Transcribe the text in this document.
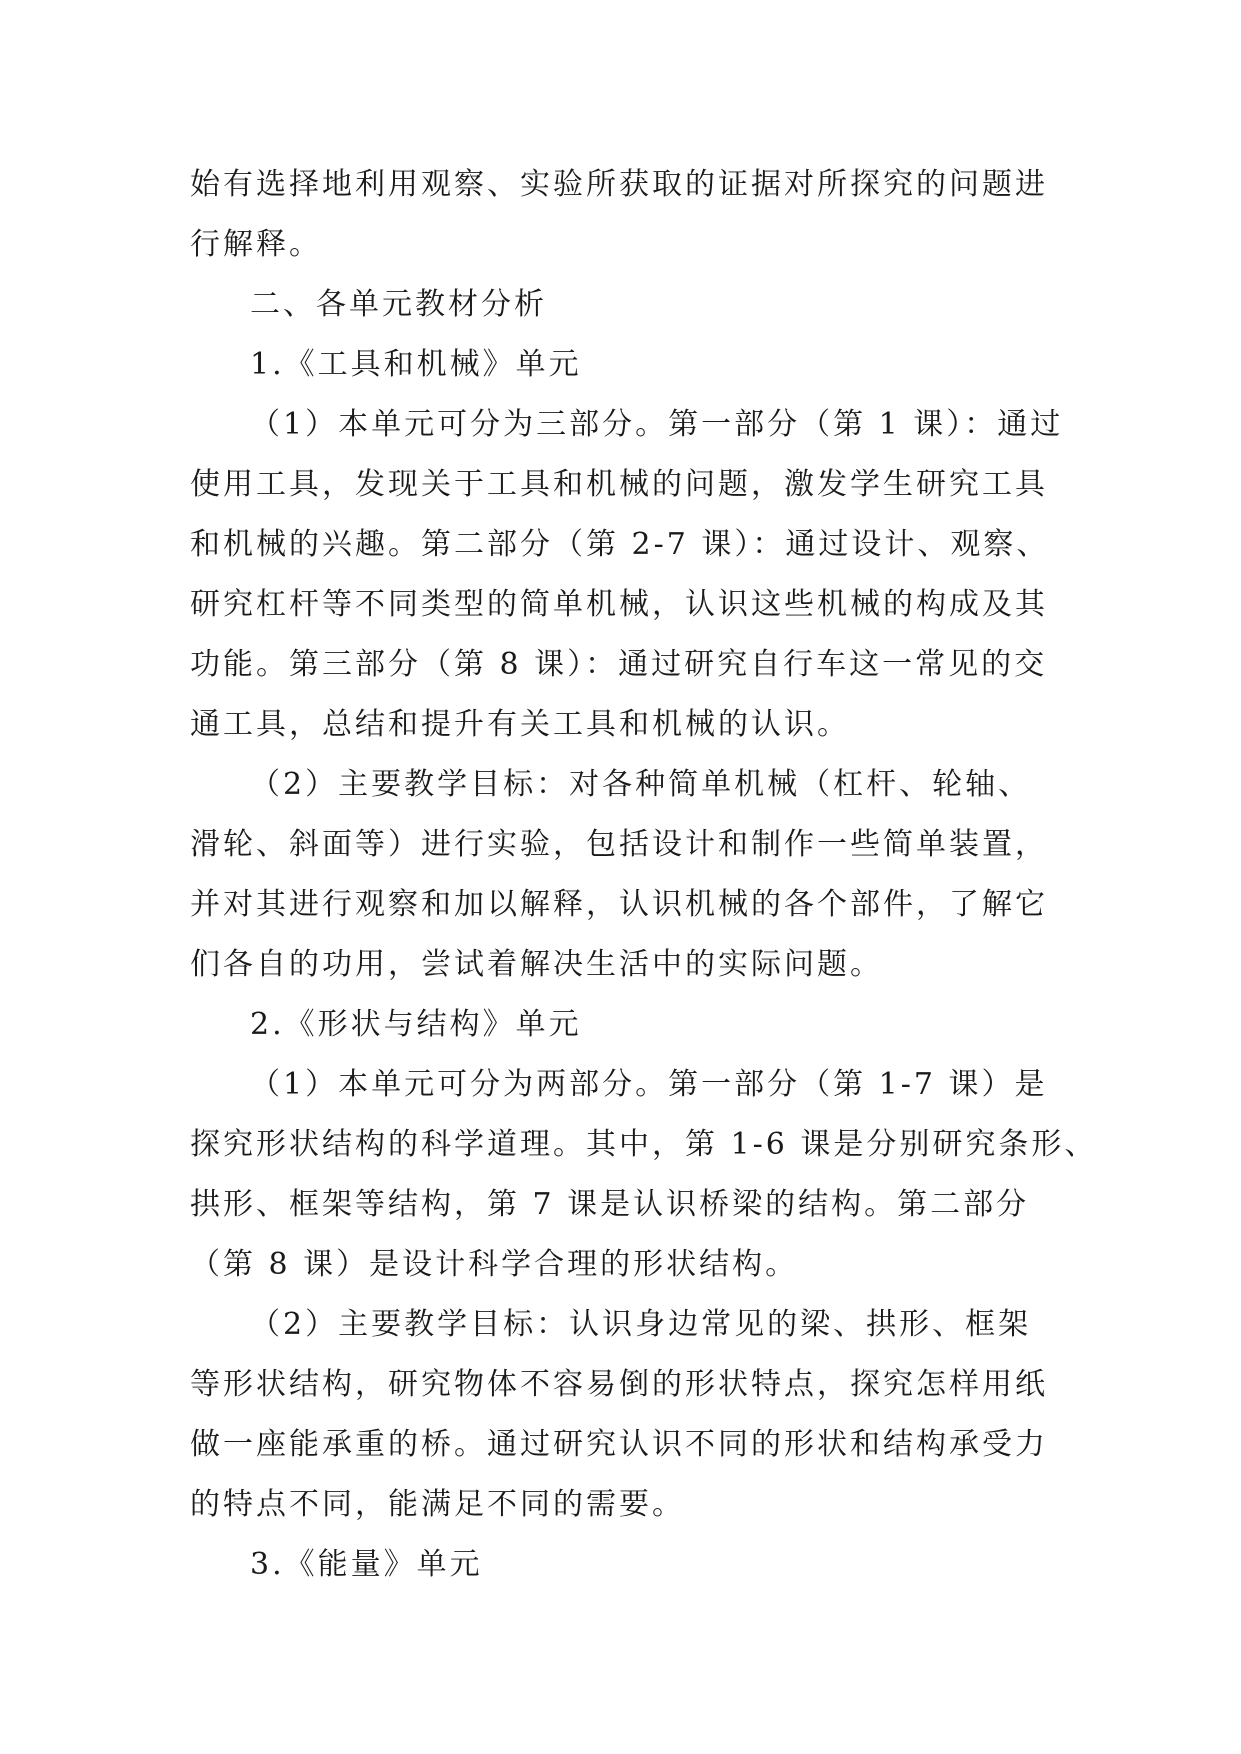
始有选择地利用观察、实验所获取的证据对所探究的问题进
行解释。
二、各单元教材分析
1.《工具和机械》单元
（1）本单元可分为三部分。第一部分（第 1 课）：通过
使用工具，发现关于工具和机械的问题，激发学生研究工具
和机械的兴趣。第二部分（第 2-7 课）：通过设计、观察、
研究杠杆等不同类型的简单机械，认识这些机械的构成及其
功能。第三部分（第 8 课）：通过研究自行车这一常见的交
通工具，总结和提升有关工具和机械的认识。
（2）主要教学目标：对各种简单机械（杠杆、轮轴、
滑轮、斜面等）进行实验，包括设计和制作一些简单装置，
并对其进行观察和加以解释，认识机械的各个部件，了解它
们各自的功用，尝试着解决生活中的实际问题。
2.《形状与结构》单元
（1）本单元可分为两部分。第一部分（第 1-7 课）是
探究形状结构的科学道理。其中，第 1-6 课是分别研究条形、
拱形、框架等结构，第 7 课是认识桥梁的结构。第二部分
（第 8 课）是设计科学合理的形状结构。
（2）主要教学目标：认识身边常见的梁、拱形、框架
等形状结构，研究物体不容易倒的形状特点，探究怎样用纸
做一座能承重的桥。通过研究认识不同的形状和结构承受力
的特点不同，能满足不同的需要。
3.《能量》单元
